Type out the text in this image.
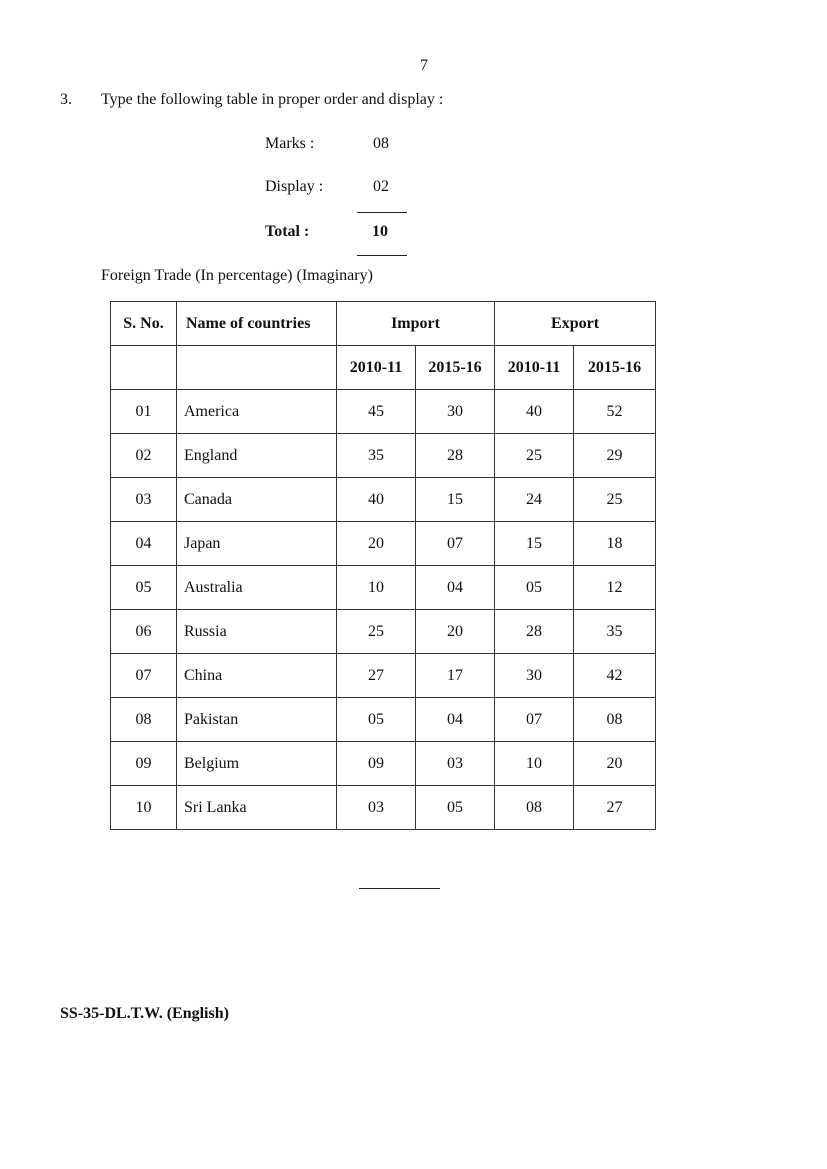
7
3. Type the following table in proper order and display :
Marks :	08
Display :	02
Total :	10
Foreign Trade (In percentage) (Imaginary)
S. No.	Name of countries	Import		Export	
		2010-11	2015-16	2010-11	2015-16
01	America	45	30	40	52
02	England	35	28	25	29
03	Canada	40	15	24	25
04	Japan	20	07	15	18
05	Australia	10	04	05	12
06	Russia	25	20	28	35
07	China	27	17	30	42
08	Pakistan	05	04	07	08
09	Belgium	09	03	10	20
10	Sri Lanka	03	05	08	27
SS-35-DL.T.W. (English)
